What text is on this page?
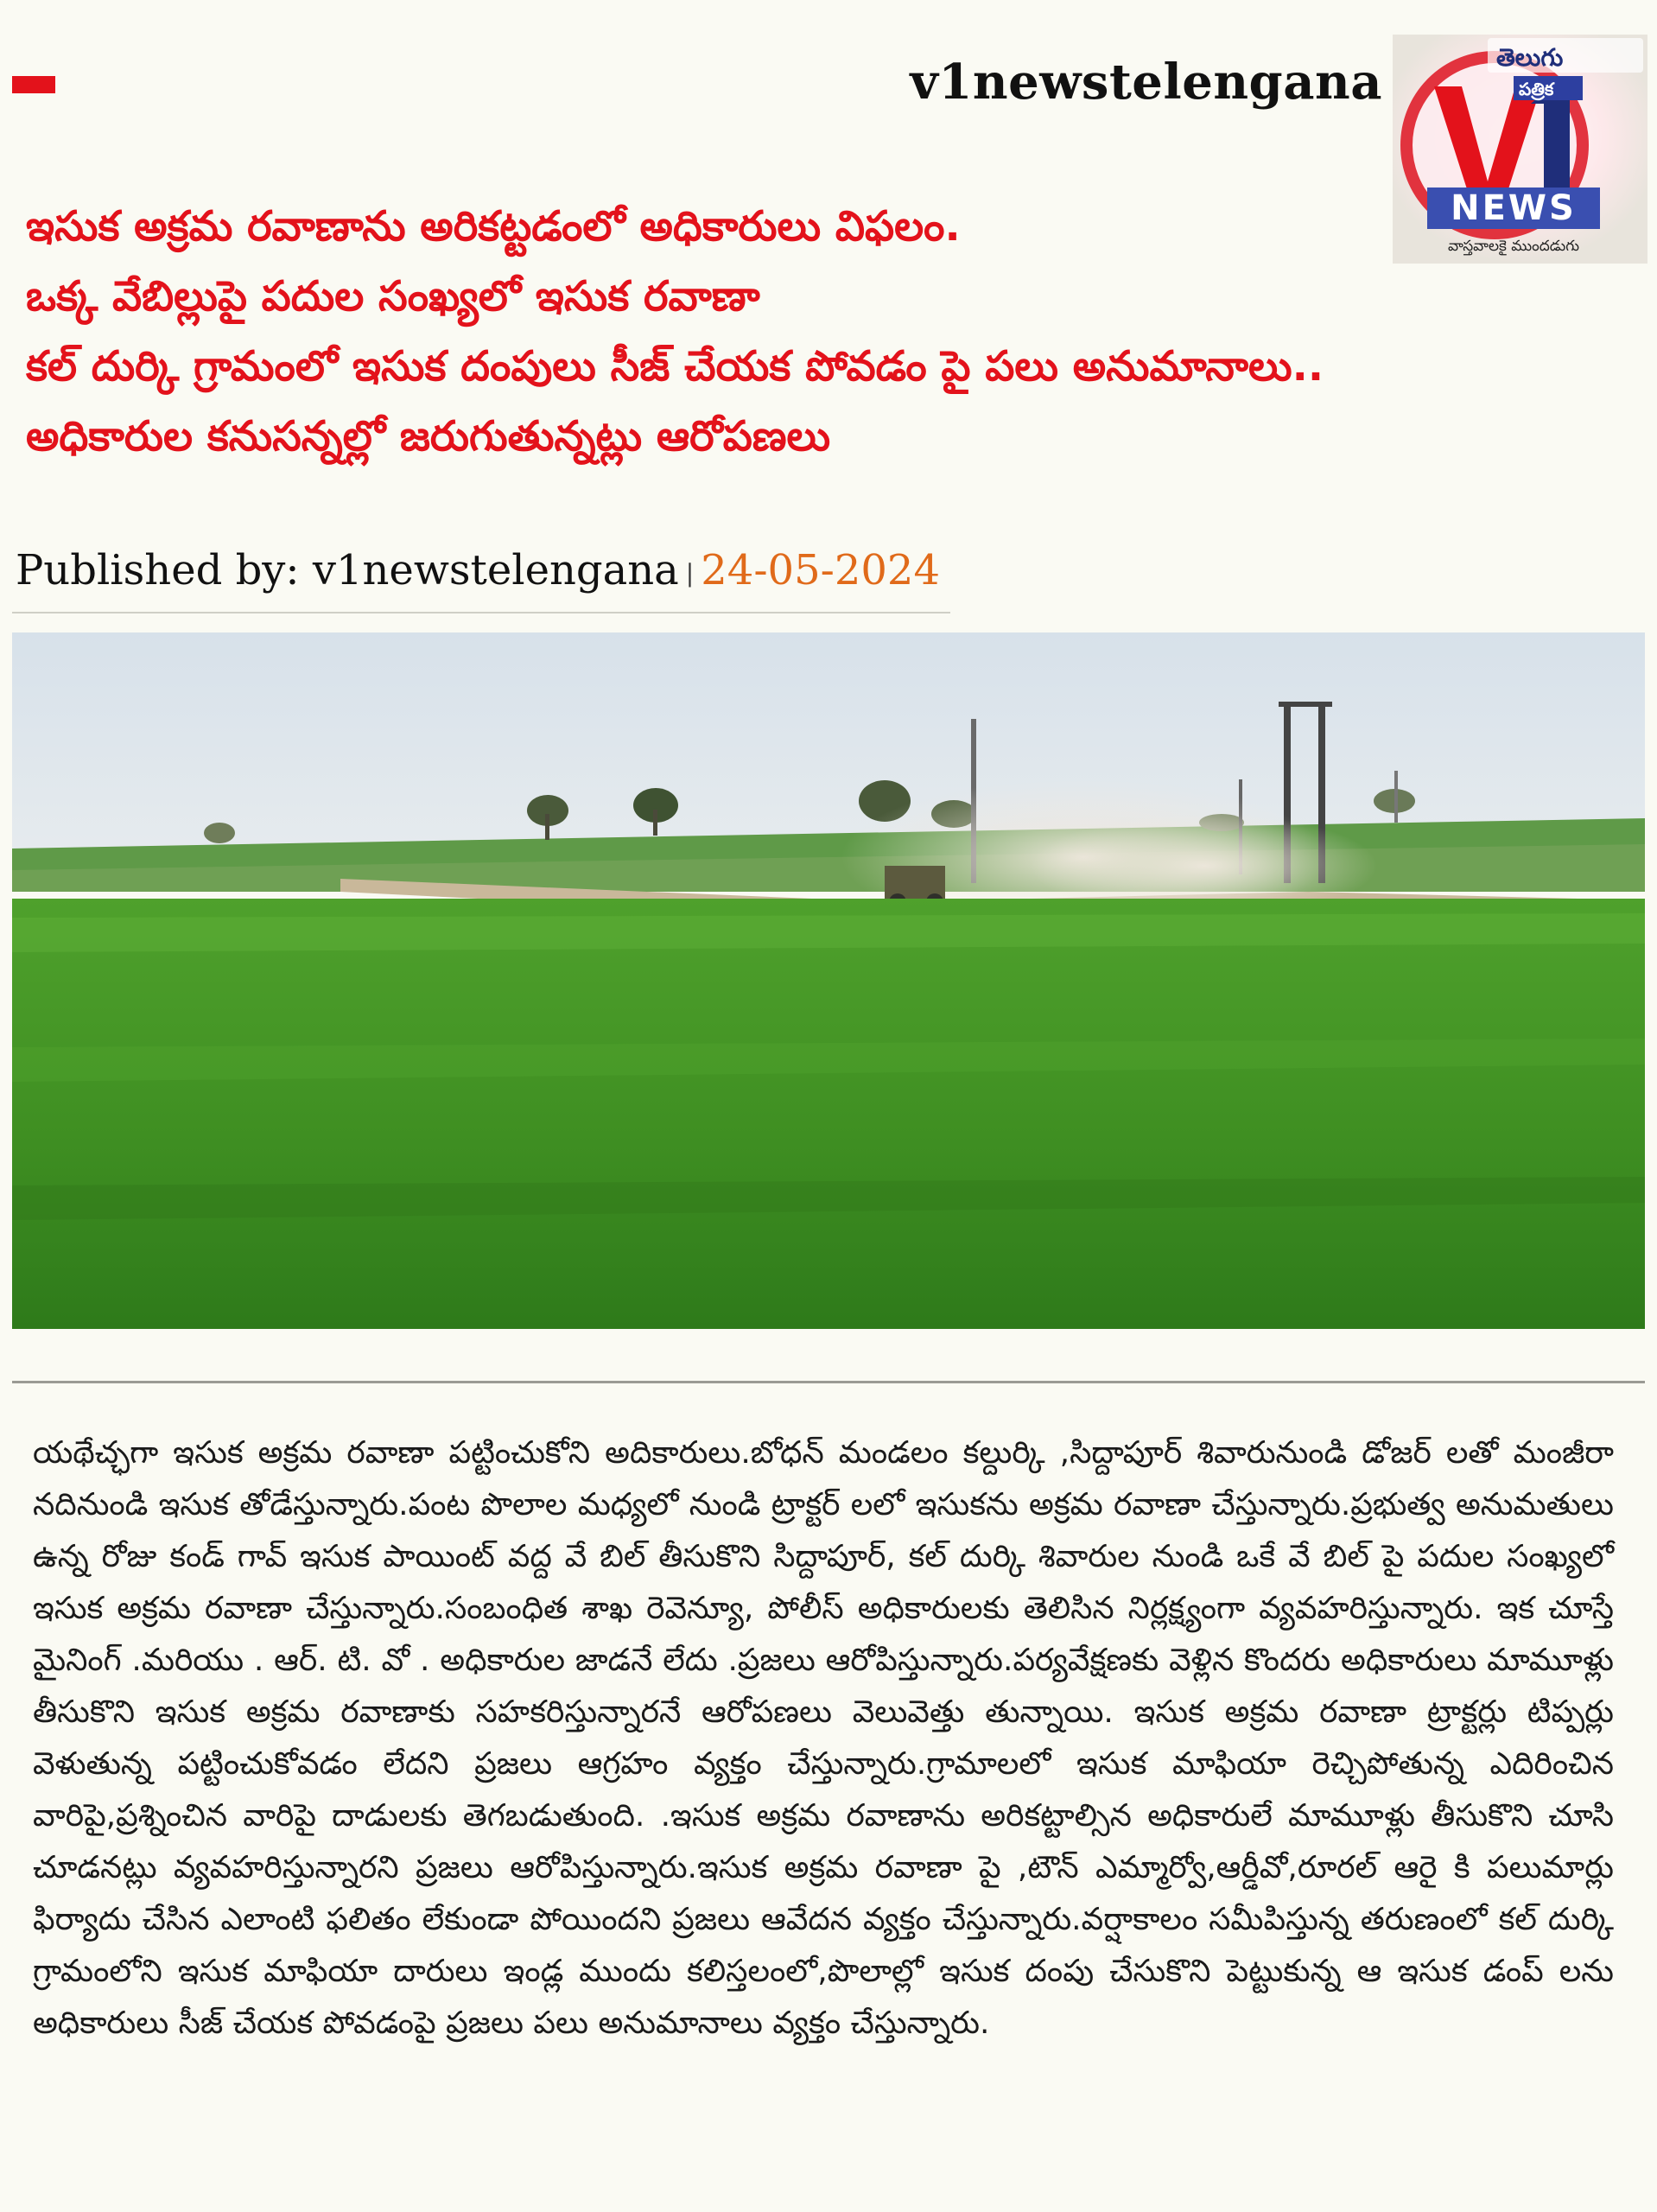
v1newstelengana	తెలుగు
పత్రిక
NEWS
వాస్తవాలకై ముందడుగు
ఇసుక అక్రమ రవాణాను అరికట్టడంలో అధికారులు విఫలం.
ఒక్క వేబిల్లుపై పదుల సంఖ్యలో ఇసుక రవాణా
కల్ దుర్కి గ్రామంలో ఇసుక దంపులు సీజ్ చేయక పోవడం పై పలు అనుమానాలు..
అధికారుల కనుసన్నల్లో జరుగుతున్నట్లు ఆరోపణలు
Published by: v1newstelengana | 24-05-2024
యథేచ్ఛగా ఇసుక అక్రమ రవాణా పట్టించుకోని అదికారులు.బోధన్ మండలం కల్దుర్కి ,సిద్దాపూర్ శివారునుండి డోజర్ లతో మంజీరా నదినుండి ఇసుక తోడేస్తున్నారు.పంట పొలాల మధ్యలో నుండి ట్రాక్టర్ లలో ఇసుకను అక్రమ రవాణా చేస్తున్నారు.ప్రభుత్వ అనుమతులు ఉన్న రోజు కండ్ గావ్ ఇసుక పాయింట్ వద్ద వే బిల్ తీసుకొని సిద్దాపూర్, కల్ దుర్కి శివారుల నుండి ఒకే వే బిల్ పై పదుల సంఖ్యలో ఇసుక అక్రమ రవాణా చేస్తున్నారు.సంబంధిత శాఖ రెవెన్యూ, పోలీస్ అధికారులకు తెలిసిన నిర్లక్ష్యంగా వ్యవహరిస్తున్నారు. ఇక చూస్తే మైనింగ్ .మరియు . ఆర్. టి. వో . అధికారుల జాడనే లేదు .ప్రజలు ఆరోపిస్తున్నారు.పర్యవేక్షణకు వెళ్లిన కొందరు అధికారులు మామూళ్లు తీసుకొని ఇసుక అక్రమ రవాణాకు సహకరిస్తున్నారనే ఆరోపణలు వెలువెత్తు తున్నాయి. ఇసుక అక్రమ రవాణా ట్రాక్టర్లు టిప్పర్లు వెళుతున్న పట్టించుకోవడం లేదని ప్రజలు ఆగ్రహం వ్యక్తం చేస్తున్నారు.గ్రామాలలో ఇసుక మాఫియా రెచ్చిపోతున్న ఎదిరించిన వారిపై,ప్రశ్నించిన వారిపై దాడులకు తెగబడుతుంది. .ఇసుక అక్రమ రవాణాను అరికట్టాల్సిన అధికారులే మామూళ్లు తీసుకొని చూసి చూడనట్లు వ్యవహరిస్తున్నారని ప్రజలు ఆరోపిస్తున్నారు.ఇసుక అక్రమ రవాణా పై ,టౌన్ ఎమ్మార్వో,ఆర్డీవో,రూరల్ ఆరై కి పలుమార్లు ఫిర్యాదు చేసిన ఎలాంటి ఫలితం లేకుండా పోయిందని ప్రజలు ఆవేదన వ్యక్తం చేస్తున్నారు.వర్షాకాలం సమీపిస్తున్న తరుణంలో కల్ దుర్కి గ్రామంలోని ఇసుక మాఫియా దారులు ఇండ్ల ముందు కలిస్తలంలో,పొలాల్లో ఇసుక దంపు చేసుకొని పెట్టుకున్న ఆ ఇసుక డంప్ లను అధికారులు సీజ్ చేయక పోవడంపై ప్రజలు పలు అనుమానాలు వ్యక్తం చేస్తున్నారు.
